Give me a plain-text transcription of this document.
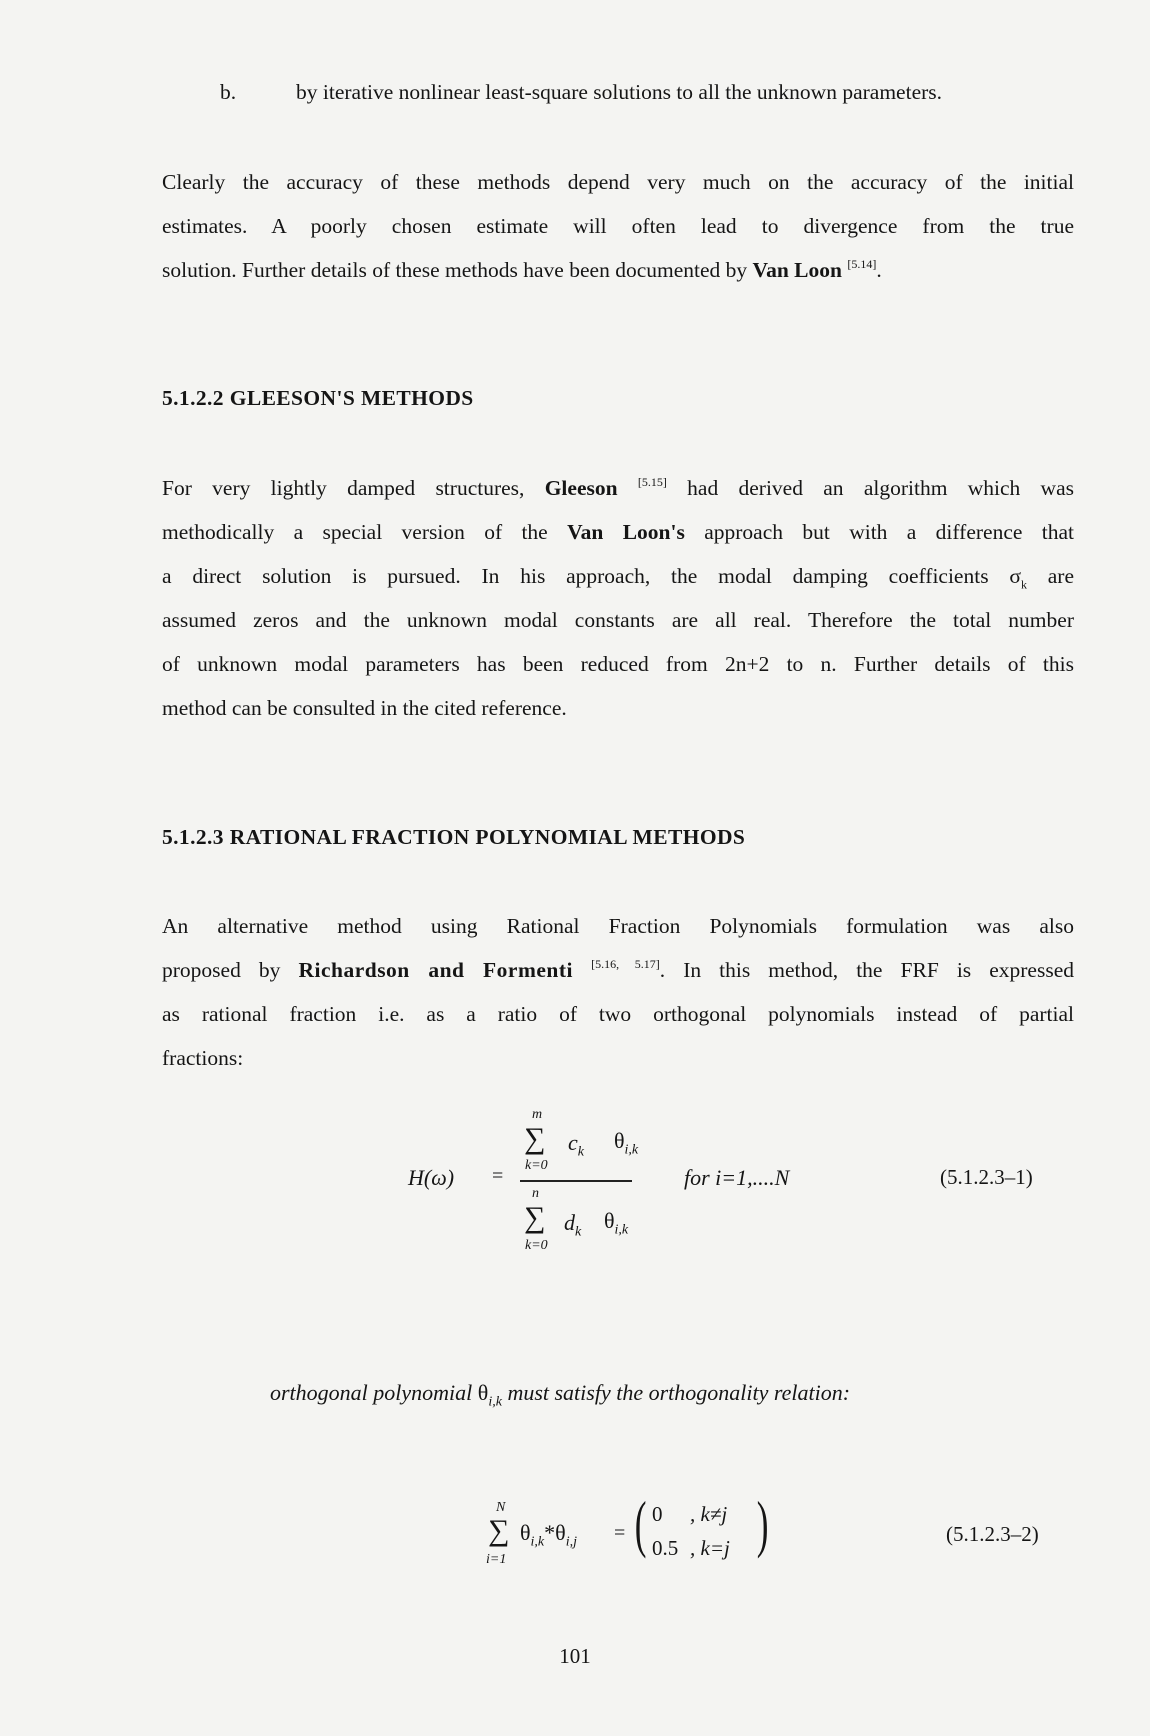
b.	by iterative nonlinear least-square solutions to all the unknown parameters.
Clearly the accuracy of these methods depend very much on the accuracy of the initial
estimates. A poorly chosen estimate will often lead to divergence from the true
solution. Further details of these methods have been documented by Van Loon [5.14].
5.1.2.2 GLEESON'S METHODS
For very lightly damped structures, Gleeson [5.15] had derived an algorithm which was
methodically a special version of the Van Loon's approach but with a difference that
a direct solution is pursued. In his approach, the modal damping coefficients $\sigma_k$ are
assumed zeros and the unknown modal constants are all real. Therefore the total number
of unknown modal parameters has been reduced from 2n+2 to n. Further details of this
method can be consulted in the cited reference.
5.1.2.3 RATIONAL FRACTION POLYNOMIAL METHODS
An alternative method using Rational Fraction Polynomials formulation was also
proposed by Richardson and Formenti [5.16, 5.17]. In this method, the FRF is expressed
as rational fraction i.e. as a ratio of two orthogonal polynomials instead of partial
fractions:
H(ω) =
m
∑
k=0
$c_k$ $\theta_{i,k}$
n
∑
k=0
$d_k$ $\theta_{i,k}$
for i=1,....N	(5.1.2.3–1)
orthogonal polynomial $\theta_{i,k}$ must satisfy the orthogonality relation:
N
∑
i=1
$\theta_{i,k}*\theta_{i,j}$ = ( 0 , k≠j
0.5 , k=j )	(5.1.2.3–2)
101
